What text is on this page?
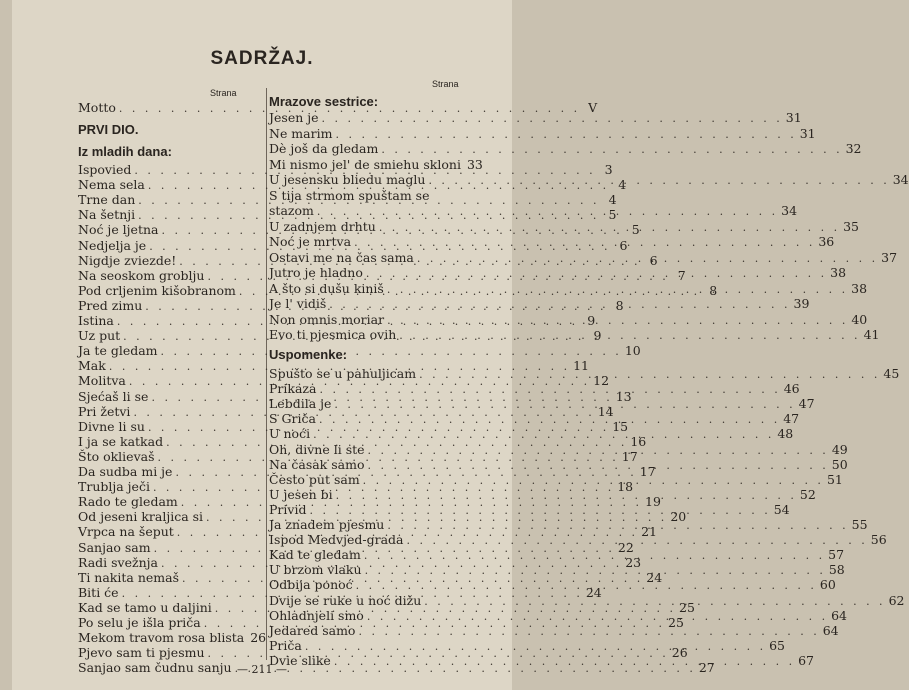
SADRŽAJ.
Strana
Strana
Motto . . .	V
PRVI DIO.
Iz mladih dana:
Ispovied . . .	3
Nema sela . . .	4
Trne dan . . .	4
Na šetnji . . .	5
Noć je ljetna . . .	5
Nedjelja je . . .	6
Nigdje zviezde! . . .	6
Na seoskom groblju . . .	7
Pod crljenim kišobranom . . .	8
Pred zimu . . .	8
Istina . . .	9
Uz put . . .	9
Ja te gledam . . .	10
Mak . . .	11
Molitva . . .	12
Sjećaš li se . . .	13
Pri žetvi . . .	14
Divne li su . . .	15
I ja se katkad . . .	16
Što oklievaš . . .	17
Da sudba mi je . . .	17
Trublja ječi . . .	18
Rado te gledam . . .	19
Od jeseni kraljica si . . .	20
Vrpca na šeput . . .	21
Sanjao sam . . .	22
Radi svežnja . . .	23
Ti nakita nemaš . . .	24
Biti će . . .	24
Kad se tamo u daljini . . .	25
Po selu je išla priča . . .	25
Mekom travom rosa blista 26
Pjevo sam ti pjesmu . . .	26
Sanjao sam čudnu sanju . . .	27
Mrazove sestrice:
Jesen je . . .	31
Ne marim . . .	31
Dè još da gledam . . .	32
Mi nismo jel' de smiehu skloni 33
U jesensku bliedu maglu . . .	34
S tija strmom spuštam se
stazom . . .	34
U zadnjem drhtu . . .	35
Noć je mrtva . . .	36
Ostavi me na čas sama . . .	37
Jutro je hladno . . .	38
A što si dušu kiniš . . .	38
Je l' vidiš . . .	39
Non omnis moriar . . .	40
Evo ti pjesmica ovih . . .	41
Uspomenke:
Spušto se u pahuljicam . . .	45
Prikaza . . .	46
Lebdila je . . .	47
S Griča . . .	47
U noći . . .	48
Oh, divne li ste . . .	49
Na časak samo . . .	50
Često put sam . . .	51
U jesen bi . . .	52
Privid . . .	54
Ja znadem pjesmu . . .	55
Ispod Medvjed-grada . . .	56
Kad te gledam . . .	57
U brzom vlaku . . .	58
Odbija ponoć . . .	60
Dvije se ruke u noć dižu . . .	62
Ohladnjeli smo . . .	64
Jedared samo . . .	64
Priča . . .	65
Dvie slike . . .	67
— 211 —
